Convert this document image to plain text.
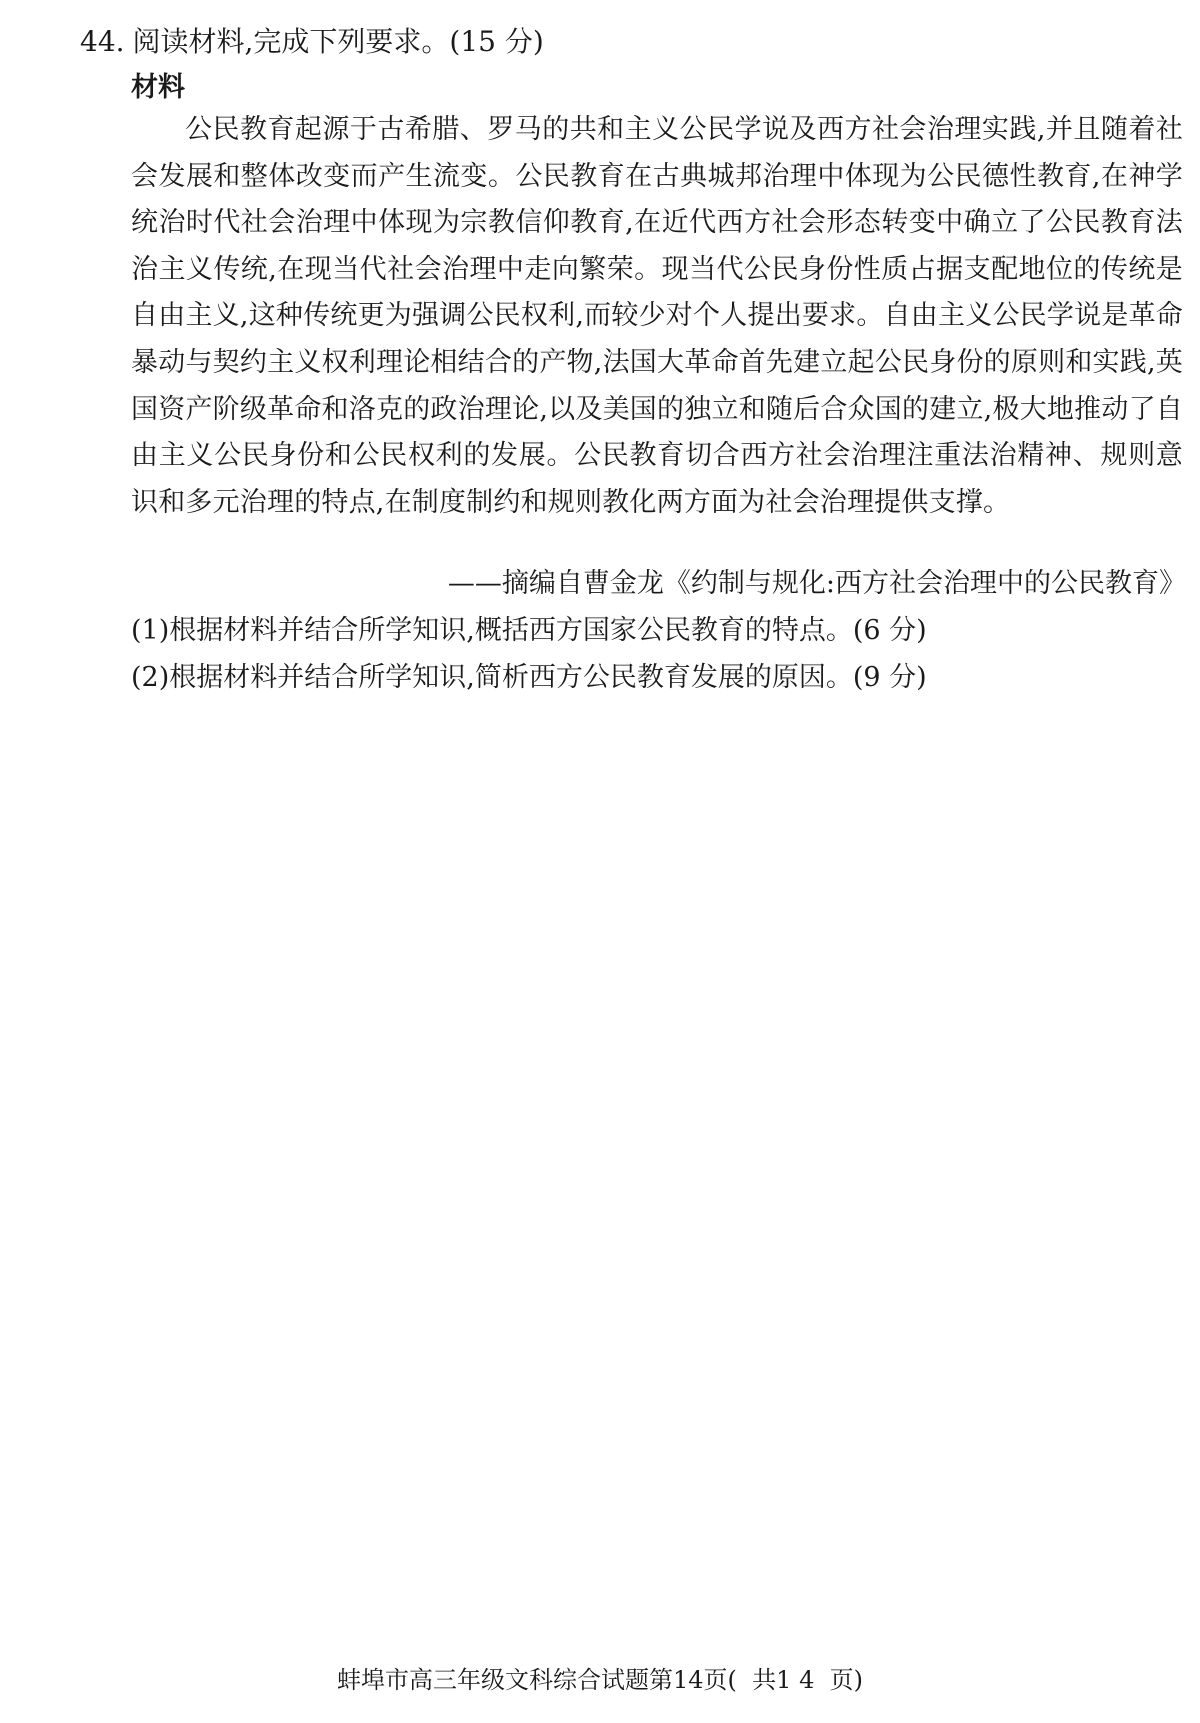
44. 阅读材料,完成下列要求。(15 分)
材料

公民教育起源于古希腊、罗马的共和主义公民学说及西方社会治理实践,并且随着社会发展和整体改变而产生流变。公民教育在古典城邦治理中体现为公民德性教育,在神学统治时代社会治理中体现为宗教信仰教育,在近代西方社会形态转变中确立了公民教育法治主义传统,在现当代社会治理中走向繁荣。现当代公民身份性质占据支配地位的传统是自由主义,这种传统更为强调公民权利,而较少对个人提出要求。自由主义公民学说是革命暴动与契约主义权利理论相结合的产物,法国大革命首先建立起公民身份的原则和实践,英国资产阶级革命和洛克的政治理论,以及美国的独立和随后合众国的建立,极大地推动了自由主义公民身份和公民权利的发展。公民教育切合西方社会治理注重法治精神、规则意识和多元治理的特点,在制度制约和规则教化两方面为社会治理提供支撑。

——摘编自曹金龙《约制与规化:西方社会治理中的公民教育》
(1)根据材料并结合所学知识,概括西方国家公民教育的特点。(6 分)
(2)根据材料并结合所学知识,简析西方公民教育发展的原因。(9 分)
蚌埠市高三年级文科综合试题第14页(  共1 4  页)
